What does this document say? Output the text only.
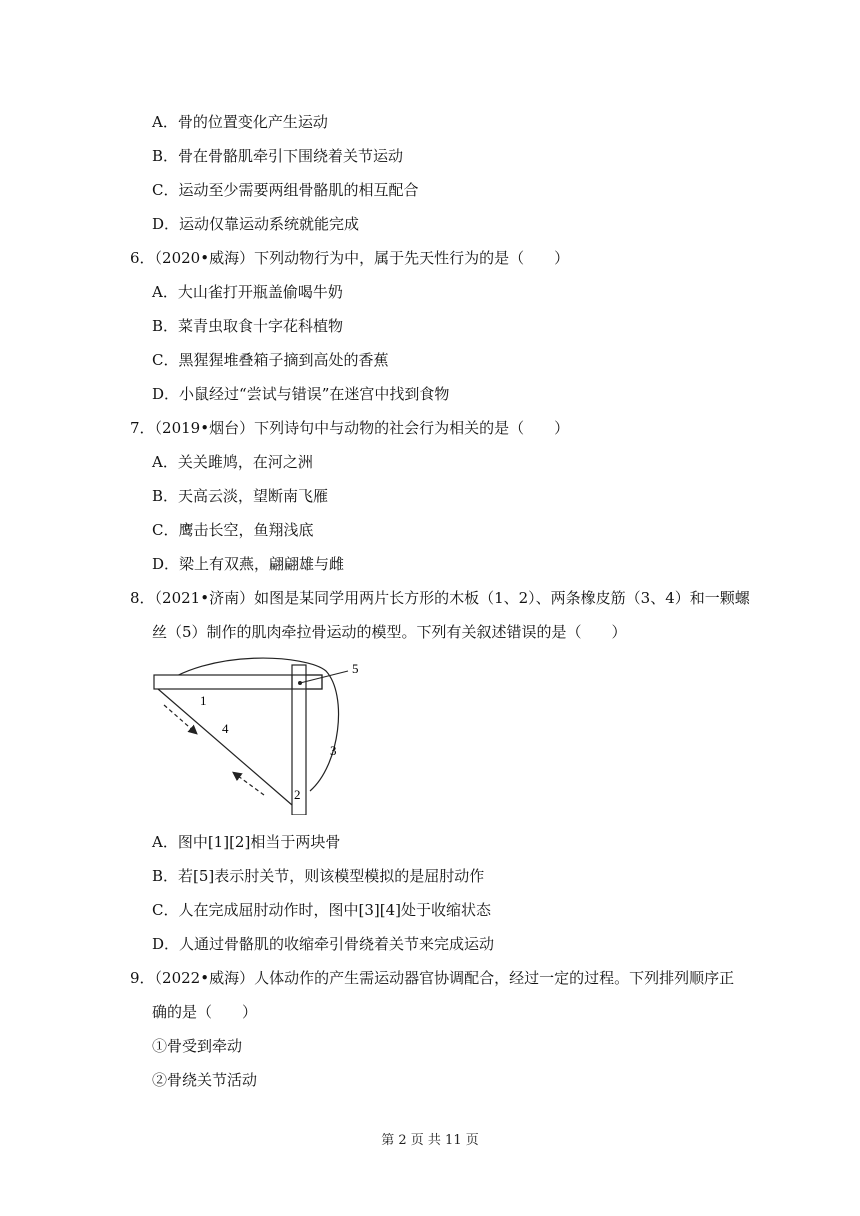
A．骨的位置变化产生运动
B．骨在骨骼肌牵引下围绕着关节运动
C．运动至少需要两组骨骼肌的相互配合
D．运动仅靠运动系统就能完成
6．（2020•威海）下列动物行为中，属于先天性行为的是（　　）
A．大山雀打开瓶盖偷喝牛奶
B．菜青虫取食十字花科植物
C．黑猩猩堆叠箱子摘到高处的香蕉
D．小鼠经过“尝试与错误”在迷宫中找到食物
7．（2019•烟台）下列诗句中与动物的社会行为相关的是（　　）
A．关关雎鸠，在河之洲
B．天高云淡，望断南飞雁
C．鹰击长空，鱼翔浅底
D．梁上有双燕，翩翩雄与雌
8．（2021•济南）如图是某同学用两片长方形的木板（1、2）、两条橡皮筋（3、4）和一颗螺
丝（5）制作的肌肉牵拉骨运动的模型。下列有关叙述错误的是（　　）
1
4
3
2
5
A．图中[1][2]相当于两块骨
B．若[5]表示肘关节，则该模型模拟的是屈肘动作
C．人在完成屈肘动作时，图中[3][4]处于收缩状态
D．人通过骨骼肌的收缩牵引骨绕着关节来完成运动
9．（2022•威海）人体动作的产生需运动器官协调配合，经过一定的过程。下列排列顺序正
确的是（　　）
①骨受到牵动
②骨绕关节活动
第 2 页 共 11 页
